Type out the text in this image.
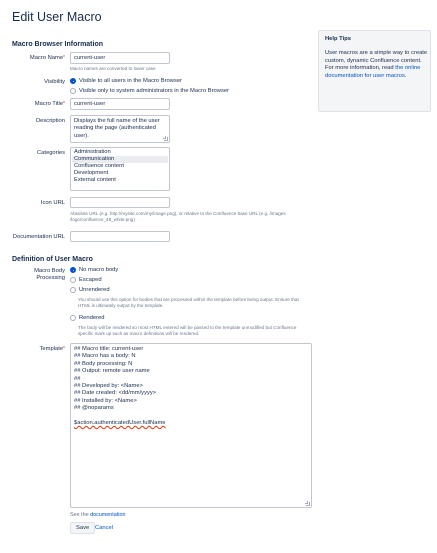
Edit User Macro
Macro Browser Information
Macro Name*
current-user
Macro names are converted to lower case
Visibility Visible to all users in the Macro Browser
Visible only to system administrators in the Macro Browser
Macro Title*
current-user
Description	Displays the full name of the user reading the page (authenticated user).
Categories	Administration
Communication
Confluence content
Development
External content
Icon URL
Absolute URL (e.g. http://mysite.com/my/image.png), or relative to the Confluence base URL (e.g. /images /logo/confluence_48_white.png)
Documentation URL
Definition of User Macro
Macro Body Processing
No macro body
Escaped
Unrendered
You should use this option for bodies that are processed within the template before being output. Ensure that HTML is ultimately output by the template.
Rendered
The body will be rendered so most HTML entered will be passed to the template unmodified but Confluence specific mark up such as macro definitions will be rendered.
Template* ## Macro title: current-user
## Macro has a body: N
## Body processing: N
## Output: remote user name
##
## Developed by: <Name>
## Date created: <dd/mm/yyyy>
## Installed by: <Name>
## @noparams
$action.authenticatedUser.fullName
See the documentation
Save Cancel
Help Tips
User macros are a simple way to create custom, dynamic Confluence content. For more information, read the online documentation for user macros.
